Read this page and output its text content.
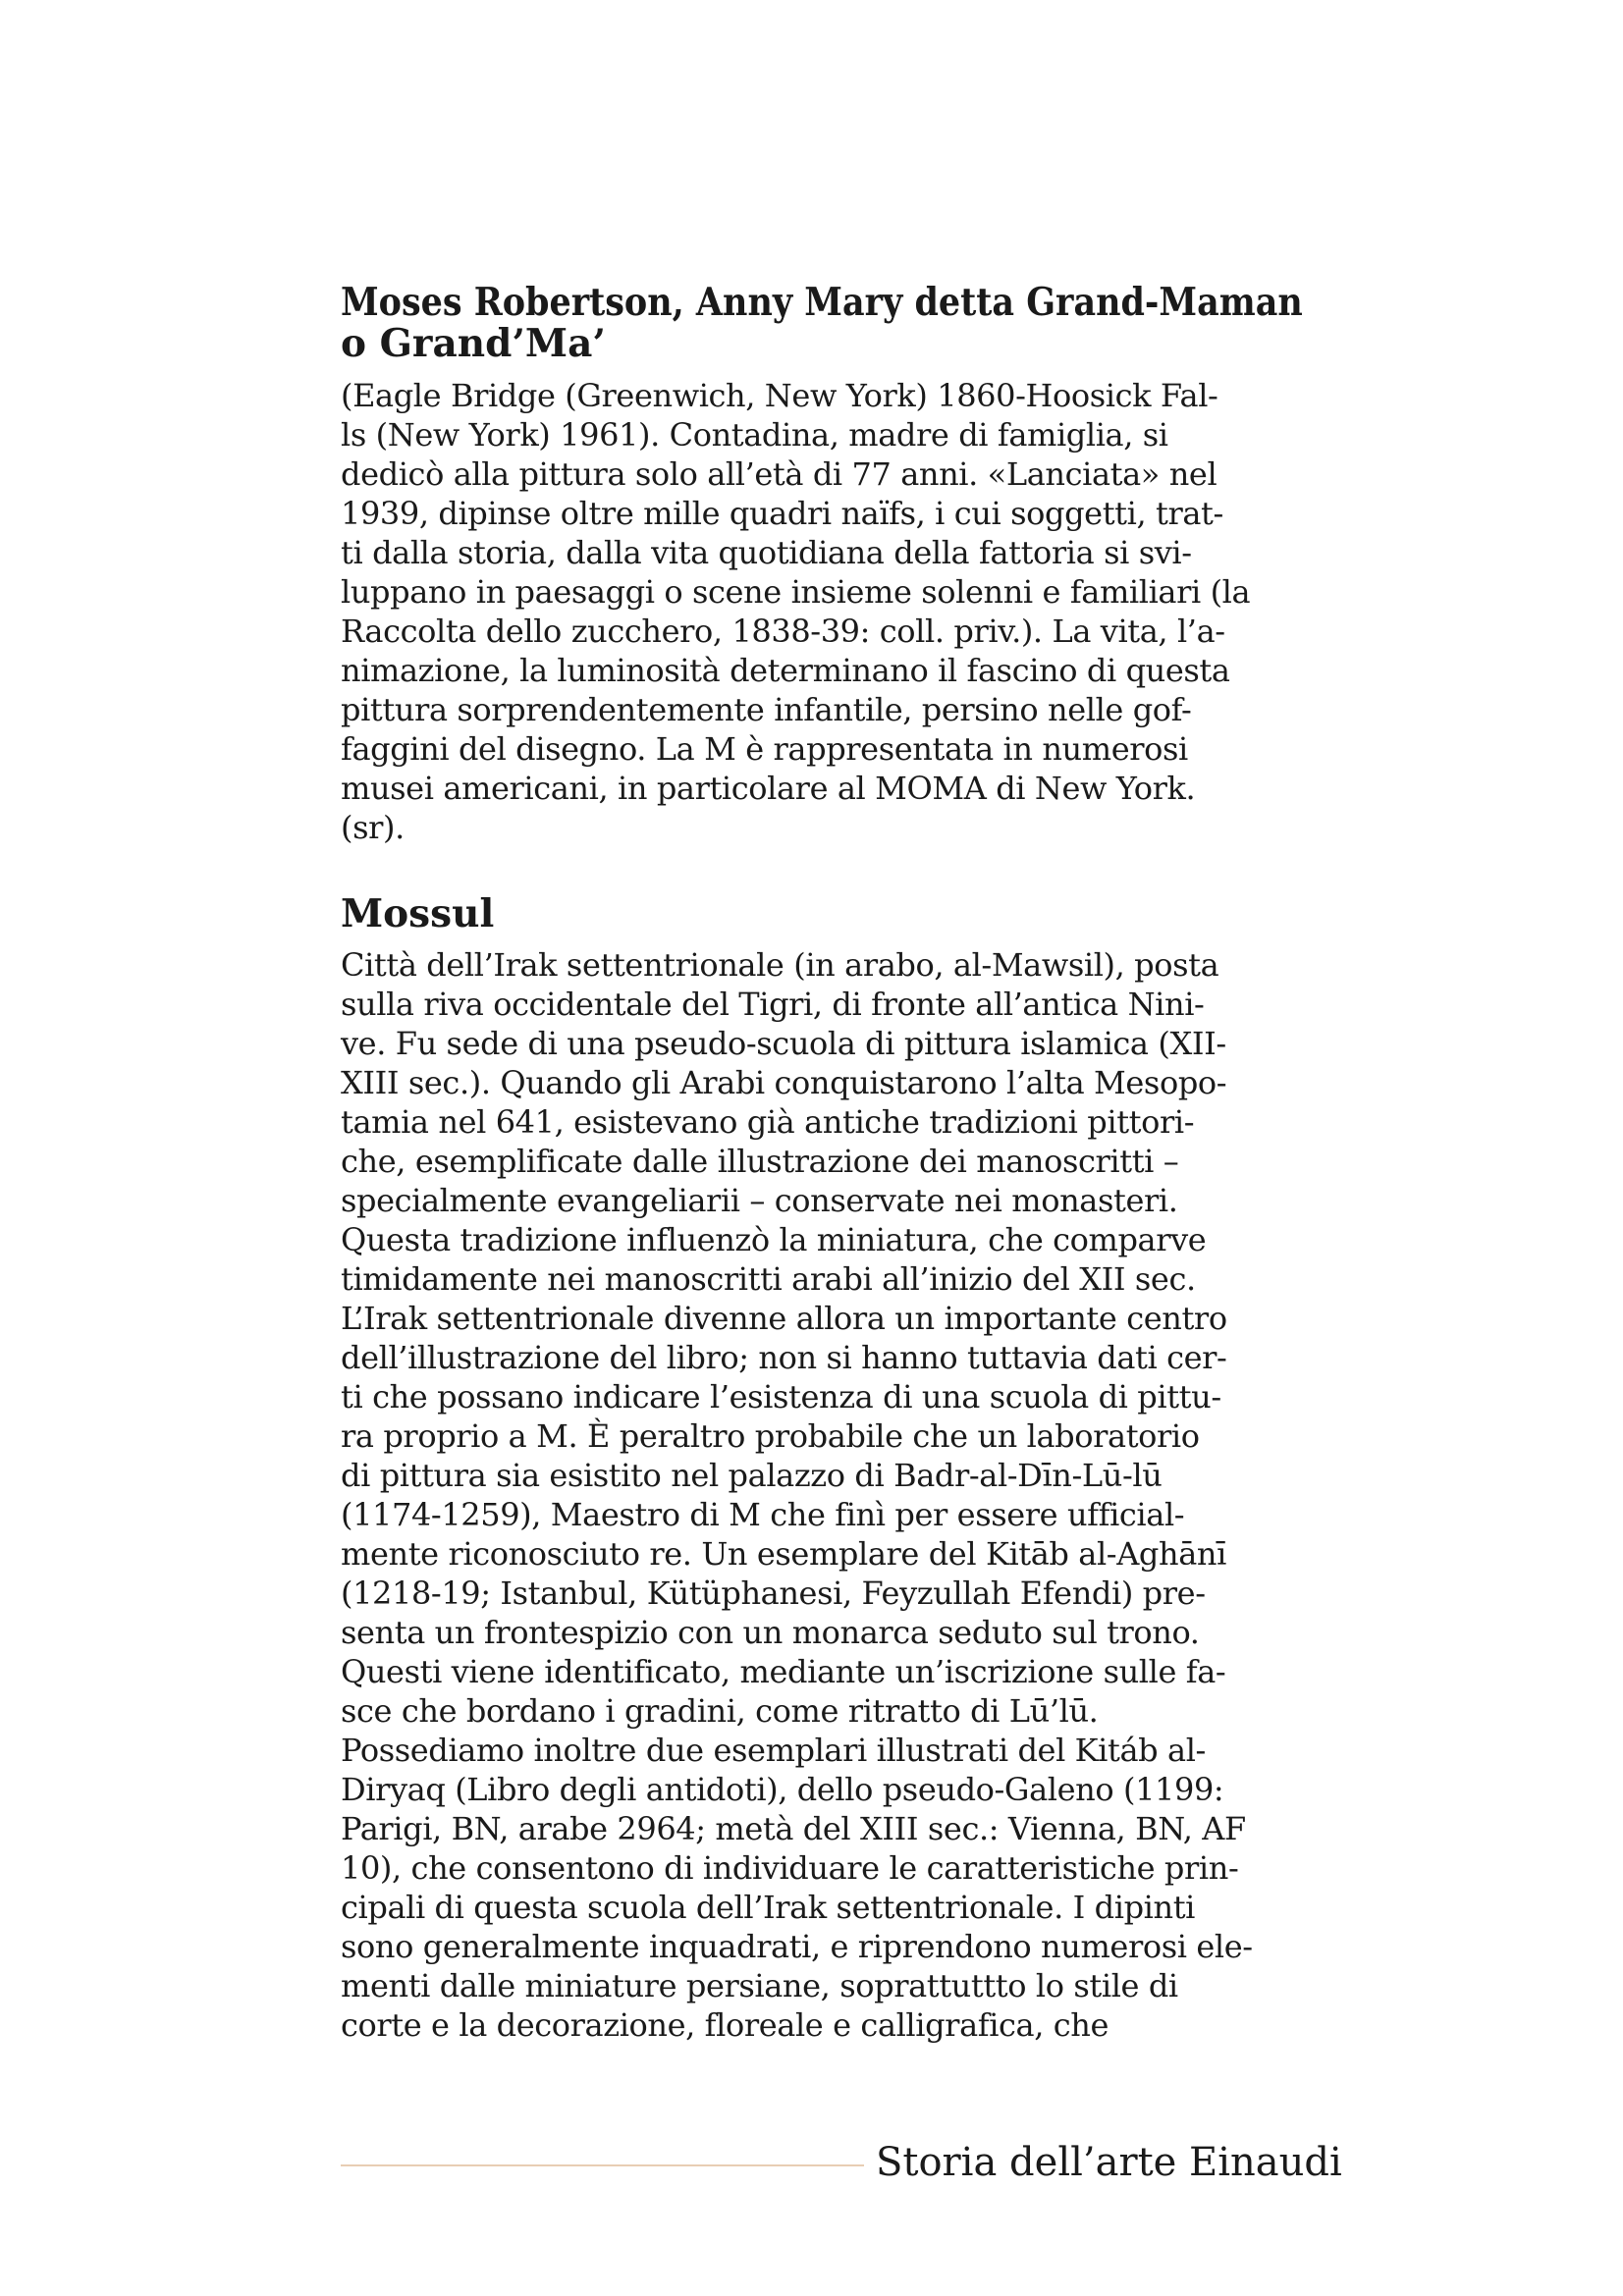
Moses Robertson, Anny Mary detta Grand-Maman
o Grand’Ma’
(Eagle Bridge (Greenwich, New York) 1860-Hoosick Fal-
ls (New York) 1961). Contadina, madre di famiglia, si
dedicò alla pittura solo all’età di 77 anni. «Lanciata» nel
1939, dipinse oltre mille quadri naïfs, i cui soggetti, trat-
ti dalla storia, dalla vita quotidiana della fattoria si svi-
luppano in paesaggi o scene insieme solenni e familiari (la
Raccolta dello zucchero, 1838-39: coll. priv.). La vita, l’a-
nimazione, la luminosità determinano il fascino di questa
pittura sorprendentemente infantile, persino nelle gof-
faggini del disegno. La M è rappresentata in numerosi
musei americani, in particolare al MOMA di New York.
(sr).
Mossul
Città dell’Irak settentrionale (in arabo, al-Mawsil), posta
sulla riva occidentale del Tigri, di fronte all’antica Nini-
ve. Fu sede di una pseudo-scuola di pittura islamica (XII-
XIII sec.). Quando gli Arabi conquistarono l’alta Mesopo-
tamia nel 641, esistevano già antiche tradizioni pittori-
che, esemplificate dalle illustrazione dei manoscritti –
specialmente evangeliarii – conservate nei monasteri.
Questa tradizione influenzò la miniatura, che comparve
timidamente nei manoscritti arabi all’inizio del XII sec.
L’Irak settentrionale divenne allora un importante centro
dell’illustrazione del libro; non si hanno tuttavia dati cer-
ti che possano indicare l’esistenza di una scuola di pittu-
ra proprio a M. È peraltro probabile che un laboratorio
di pittura sia esistito nel palazzo di Badr-al-Dīn-Lū-lū
(1174-1259), Maestro di M che finì per essere ufficial-
mente riconosciuto re. Un esemplare del Kitāb al-Aghānī
(1218-19; Istanbul, Kütüphanesi, Feyzullah Efendi) pre-
senta un frontespizio con un monarca seduto sul trono.
Questi viene identificato, mediante un’iscrizione sulle fa-
sce che bordano i gradini, come ritratto di Lū’lū.
Possediamo inoltre due esemplari illustrati del Kitáb al-
Diryaq (Libro degli antidoti), dello pseudo-Galeno (1199:
Parigi, BN, arabe 2964; metà del XIII sec.: Vienna, BN, AF
10), che consentono di individuare le caratteristiche prin-
cipali di questa scuola dell’Irak settentrionale. I dipinti
sono generalmente inquadrati, e riprendono numerosi ele-
menti dalle miniature persiane, soprattuttto lo stile di
corte e la decorazione, floreale e calligrafica, che
Storia dell’arte Einaudi
